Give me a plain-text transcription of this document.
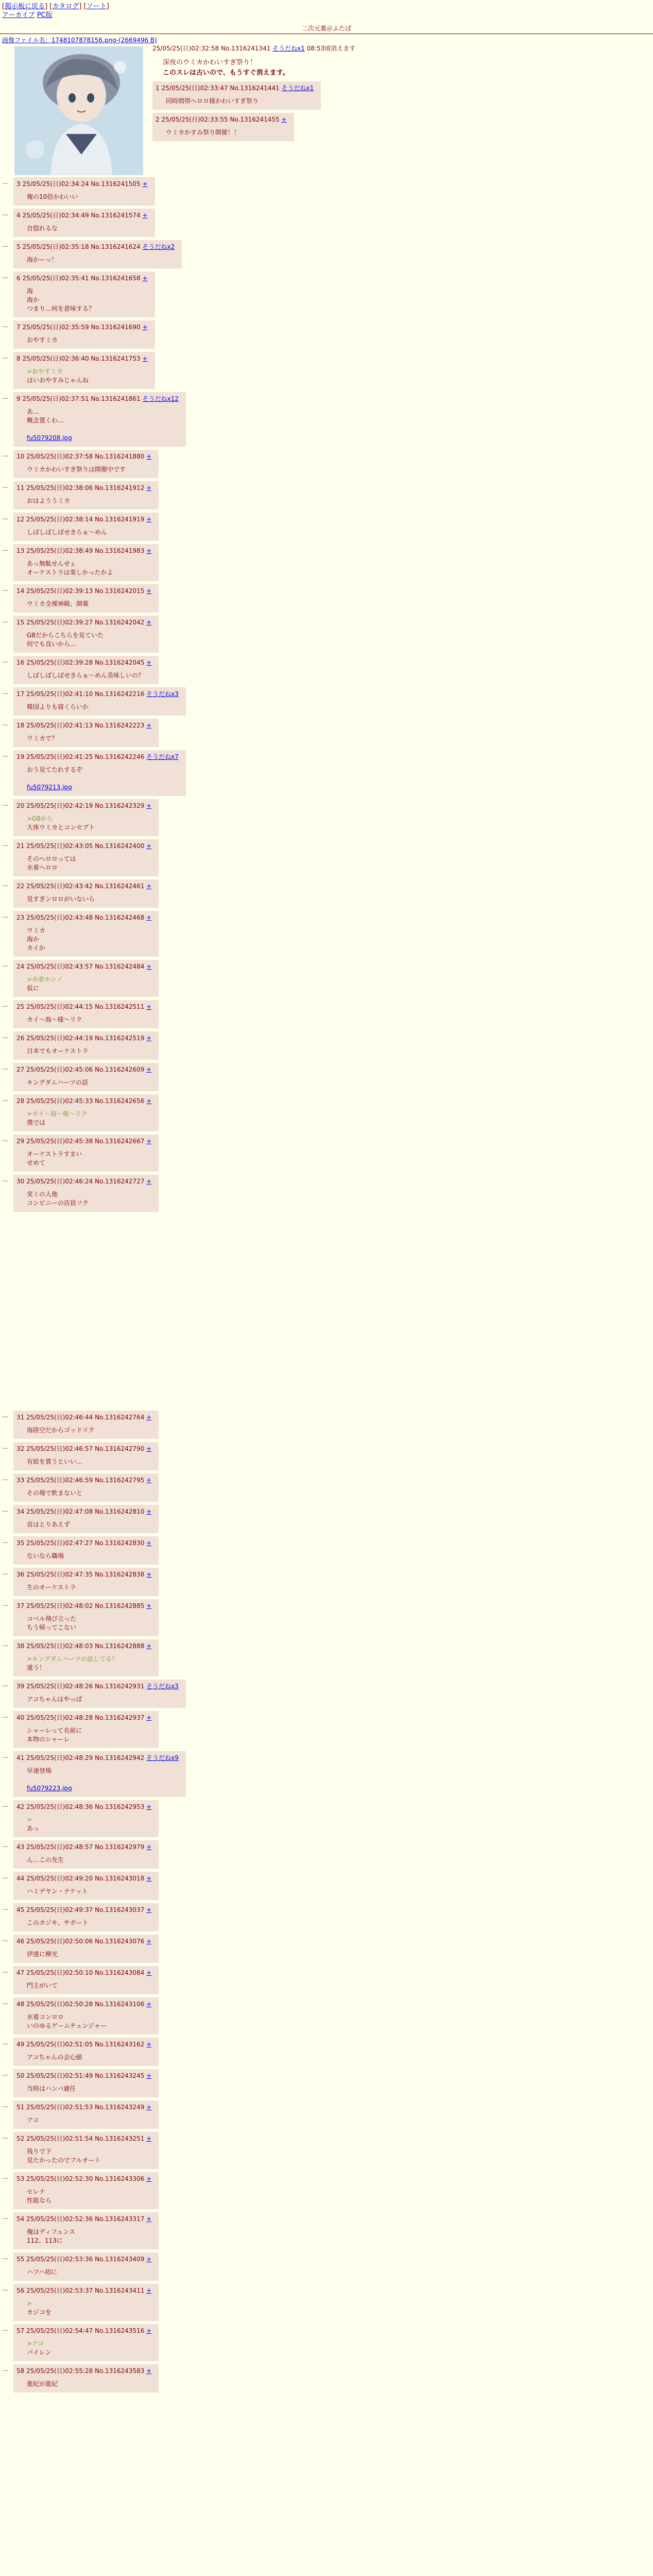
[掲示板に戻る] [カタログ] [ソート]
アーカイブ PC版
二次元裏＠ふたば
画像ファイル名：1748107878156.png-(2669496 B)
25/05/25(日)02:32:58 No.1316241341 そうだねx1 08:53頃消えます
深夜のウミカかわいすぎ祭り！
このスレは古いので、もうすぐ消えます。
1 25/05/25(日)02:33:47 No.1316241441 そうだねx1
同時間帯ヘロロ様かわいすぎ祭り
2 25/05/25(日)02:33:55 No.1316241455 +
ウミカかすみ祭り開催！！
…	3 25/05/25(日)02:34:24 No.1316241505 +
俺の10倍かわいい
…	4 25/05/25(日)02:34:49 No.1316241574 +
自惚れるな
…	5 25/05/25(日)02:35:18 No.1316241624 そうだねx2
海かーっ！
…	6 25/05/25(日)02:35:41 No.1316241658 +
海
海か
つまり…何を意味する？
…	7 25/05/25(日)02:35:59 No.1316241690 +
おやすミカ
…	8 25/05/25(日)02:36:40 No.1316241753 +
>おやすミカ
はいおやすみじゃんね
…	9 25/05/25(日)02:37:51 No.1316241861 そうだねx12
あ…
概念置くわ…

fu5079208.jpg
…	10 25/05/25(日)02:37:58 No.1316241880 +
ウミカかわいすぎ祭りは開催中です
…	11 25/05/25(日)02:38:06 No.1316241912 +
おはよううミカ
…	12 25/05/25(日)02:38:14 No.1316241919 +
しばしばしばせきらぁ〜めん
…	13 25/05/25(日)02:38:49 No.1316241983 +
あっ無駄せんせぇ
オーケストラは楽しかったかよ
…	14 25/05/25(日)02:39:13 No.1316242015 +
ウミカ全裸神殿、開幕
…	15 25/05/25(日)02:39:27 No.1316242042 +
G8だからこちらを見ていた
何でも良いから…
…	16 25/05/25(日)02:39:28 No.1316242045 +
しばしばしばせきらぁ〜めん美味しいの？
…	17 25/05/25(日)02:41:10 No.1316242216 そうだねx3
韓国よりも寝くらいか
…	18 25/05/25(日)02:41:13 No.1316242223 +
ウミカで？
…	19 25/05/25(日)02:41:25 No.1316242246 そうだねx7
おう見てたれするぞ

fu5079213.jpg
…	20 25/05/25(日)02:42:19 No.1316242329 +
>G8から
大体ウミカとコンセプト
…	21 25/05/25(日)02:43:05 No.1316242400 +
そのヘロロっては
水着ヘロロ
…	22 25/05/25(日)02:43:42 No.1316242461 +
見すぎンロロがいないら
…	23 25/05/25(日)02:43:48 No.1316242468 +
ウミカ
海か
カイか
…	24 25/05/25(日)02:43:57 No.1316242484 +
>水着ホシノ
仮に
…	25 25/05/25(日)02:44:15 No.1316242511 +
カイ〜海〜様〜リク
…	26 25/05/25(日)02:44:19 No.1316242519 +
日本でもオーケストラ
…	27 25/05/25(日)02:45:06 No.1316242609 +
キングダムハーツの話
…	28 25/05/25(日)02:45:33 No.1316242656 +
>カイ〜海〜様〜リク
僕では
…	29 25/05/25(日)02:45:38 No.1316242667 +
オーケストラすまい
せめて
…	30 25/05/25(日)02:46:24 No.1316242727 +
実ミの人他
コンビニーの店員ソク
…	31 25/05/25(日)02:46:44 No.1316242764 +
海陸空だからゴッドリク
…	32 25/05/25(日)02:46:57 No.1316242790 +
有給を貰うといい…
…	33 25/05/25(日)02:46:59 No.1316242795 +
その場で飲まないと
…	34 25/05/25(日)02:47:08 No.1316242810 +
首はとりあえず
…	35 25/05/25(日)02:47:27 No.1316242830 +
ないなら職場
…	36 25/05/25(日)02:47:35 No.1316242838 +
生のオーケストラ
…	37 25/05/25(日)02:48:02 No.1316242885 +
コベル飛び立った
ちう帰ってこない
…	38 25/05/25(日)02:48:03 No.1316242888 +
>キングダムハーツの話してる？
違う！
…	39 25/05/25(日)02:48:26 No.1316242931 そうだねx3
アコちゃんはやっぱ
…	40 25/05/25(日)02:48:28 No.1316242937 +
シャーレって名前に
本物のシャーレ
…	41 25/05/25(日)02:48:29 No.1316242942 そうだねx9
早速登場

fu5079223.jpg
…	42 25/05/25(日)02:48:36 No.1316242953 +
>
あっ
…	43 25/05/25(日)02:48:57 No.1316242979 +
ん…この先生
…	44 25/05/25(日)02:49:20 No.1316243018 +
ハミデヤン・テケット
…	45 25/05/25(日)02:49:37 No.1316243037 +
このカジキ、サポート
…	46 25/05/25(日)02:50:06 No.1316243076 +
伊達に柳光
…	47 25/05/25(日)02:50:10 No.1316243084 +
門主がいて
…	48 25/05/25(日)02:50:28 No.1316243106 +
水着コンロロ
いのゆるゲームチェンジャー
…	49 25/05/25(日)02:51:05 No.1316243162 +
アコちゃんの会心値
…	50 25/05/25(日)02:51:49 No.1316243245 +
当時はハンバ適任
…	51 25/05/25(日)02:51:53 No.1316243249 +
アコ
…	52 25/05/25(日)02:51:54 No.1316243251 +
残りで下
見たかったのでフルオート
…	53 25/05/25(日)02:52:30 No.1316243306 +
セレナ
性能なら
…	54 25/05/25(日)02:52:36 No.1316243317 +
俺はディフェンス
112、113に
…	55 25/05/25(日)02:53:36 No.1316243409 +
ハフハ初に
…	56 25/05/25(日)02:53:37 No.1316243411 +
>
カジコを
…	57 25/05/25(日)02:54:47 No.1316243516 +
>アコ
パイレン
…	58 25/05/25(日)02:55:28 No.1316243583 +
進紀が進紀
